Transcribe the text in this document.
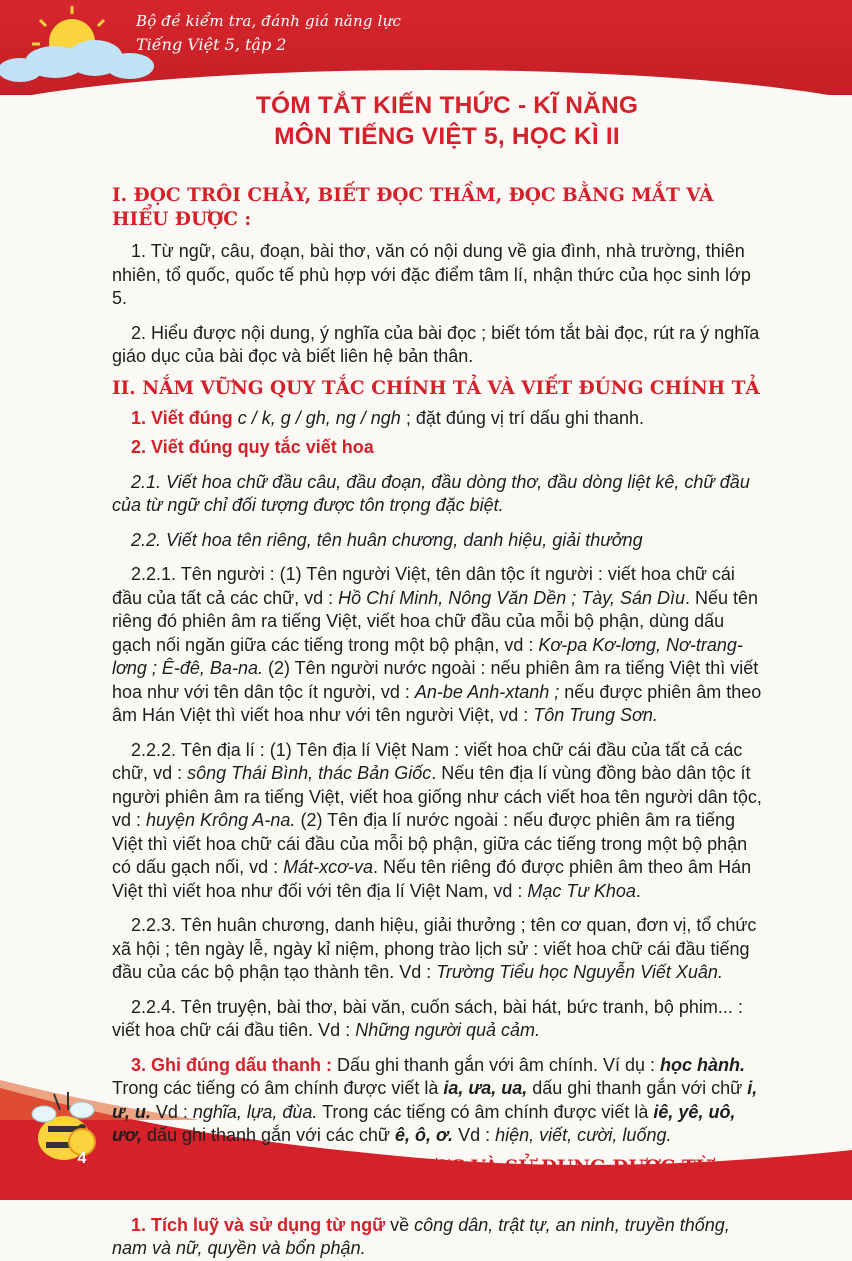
Bộ đề kiểm tra, đánh giá năng lực
Tiếng Việt 5, tập 2
TÓM TẮT KIẾN THỨC - KĨ NĂNG
MÔN TIẾNG VIỆT 5, HỌC KÌ II
I. ĐỌC TRÔI CHẢY, BIẾT ĐỌC THẦM, ĐỌC BẰNG MẮT VÀ HIỂU ĐƯỢC :

1. Từ ngữ, câu, đoạn, bài thơ, văn có nội dung về gia đình, nhà trường, thiên nhiên, tổ quốc, quốc tế phù hợp với đặc điểm tâm lí, nhận thức của học sinh lớp 5.

2. Hiểu được nội dung, ý nghĩa của bài đọc ; biết tóm tắt bài đọc, rút ra ý nghĩa giáo dục của bài đọc và biết liên hệ bản thân.

II. NẮM VỮNG QUY TẮC CHÍNH TẢ VÀ VIẾT ĐÚNG CHÍNH TẢ

1. Viết đúng c / k, g / gh, ng / ngh ; đặt đúng vị trí dấu ghi thanh.

2. Viết đúng quy tắc viết hoa

2.1. Viết hoa chữ đầu câu, đầu đoạn, đầu dòng thơ, đầu dòng liệt kê, chữ đầu của từ ngữ chỉ đối tượng được tôn trọng đặc biệt.

2.2. Viết hoa tên riêng, tên huân chương, danh hiệu, giải thưởng

2.2.1. Tên người : (1) Tên người Việt, tên dân tộc ít người : viết hoa chữ cái đầu của tất cả các chữ, vd : Hồ Chí Minh, Nông Văn Dền ; Tày, Sán Dìu. Nếu tên riêng đó phiên âm ra tiếng Việt, viết hoa chữ đầu của mỗi bộ phận, dùng dấu gạch nối ngăn giữa các tiếng trong một bộ phận, vd : Kơ-pa Kơ-lơng, Nơ-trang-lơng ; Ê-đê, Ba-na. (2) Tên người nước ngoài : nếu phiên âm ra tiếng Việt thì viết hoa như với tên dân tộc ít người, vd : An-be Anh-xtanh ; nếu được phiên âm theo âm Hán Việt thì viết hoa như với tên người Việt, vd : Tôn Trung Sơn.

2.2.2. Tên địa lí : (1) Tên địa lí Việt Nam : viết hoa chữ cái đầu của tất cả các chữ, vd : sông Thái Bình, thác Bản Giốc. Nếu tên địa lí vùng đồng bào dân tộc ít người phiên âm ra tiếng Việt, viết hoa giống như cách viết hoa tên người dân tộc, vd : huyện Krông A-na. (2) Tên địa lí nước ngoài : nếu được phiên âm ra tiếng Việt thì viết hoa chữ cái đầu của mỗi bộ phận, giữa các tiếng trong một bộ phận có dấu gạch nối, vd : Mát-xcơ-va. Nếu tên riêng đó được phiên âm theo âm Hán Việt thì viết hoa như đối với tên địa lí Việt Nam, vd : Mạc Tư Khoa.

2.2.3. Tên huân chương, danh hiệu, giải thưởng ; tên cơ quan, đơn vị, tổ chức xã hội ; tên ngày lễ, ngày kỉ niệm, phong trào lịch sử : viết hoa chữ cái đầu tiếng đầu của các bộ phận tạo thành tên. Vd : Trường Tiểu học Nguyễn Viết Xuân.

2.2.4. Tên truyện, bài thơ, bài văn, cuốn sách, bài hát, bức tranh, bộ phim... : viết hoa chữ cái đầu tiên. Vd : Những người quả cảm.

3. Ghi đúng dấu thanh : Dấu ghi thanh gắn với âm chính. Ví dụ : học hành. Trong các tiếng có âm chính được viết là ia, ưa, ua, dấu ghi thanh gắn với chữ i, ư, u. Vd : nghĩa, lựa, đùa. Trong các tiếng có âm chính được viết là iê, yê, uô, ươ, dấu ghi thanh gắn với các chữ ê, ô, ơ. Vd : hiện, viết, cười, luống.

III. HIỂU ĐƯỢC, NHẮC LẠI ĐƯỢC VÀ SỬ DỤNG ĐƯỢC TỪ NGỮ, MÔ HÌNH CÂU,...

1. Tích luỹ và sử dụng từ ngữ về công dân, trật tự, an ninh, truyền thống, nam và nữ, quyền và bổn phận.

4
